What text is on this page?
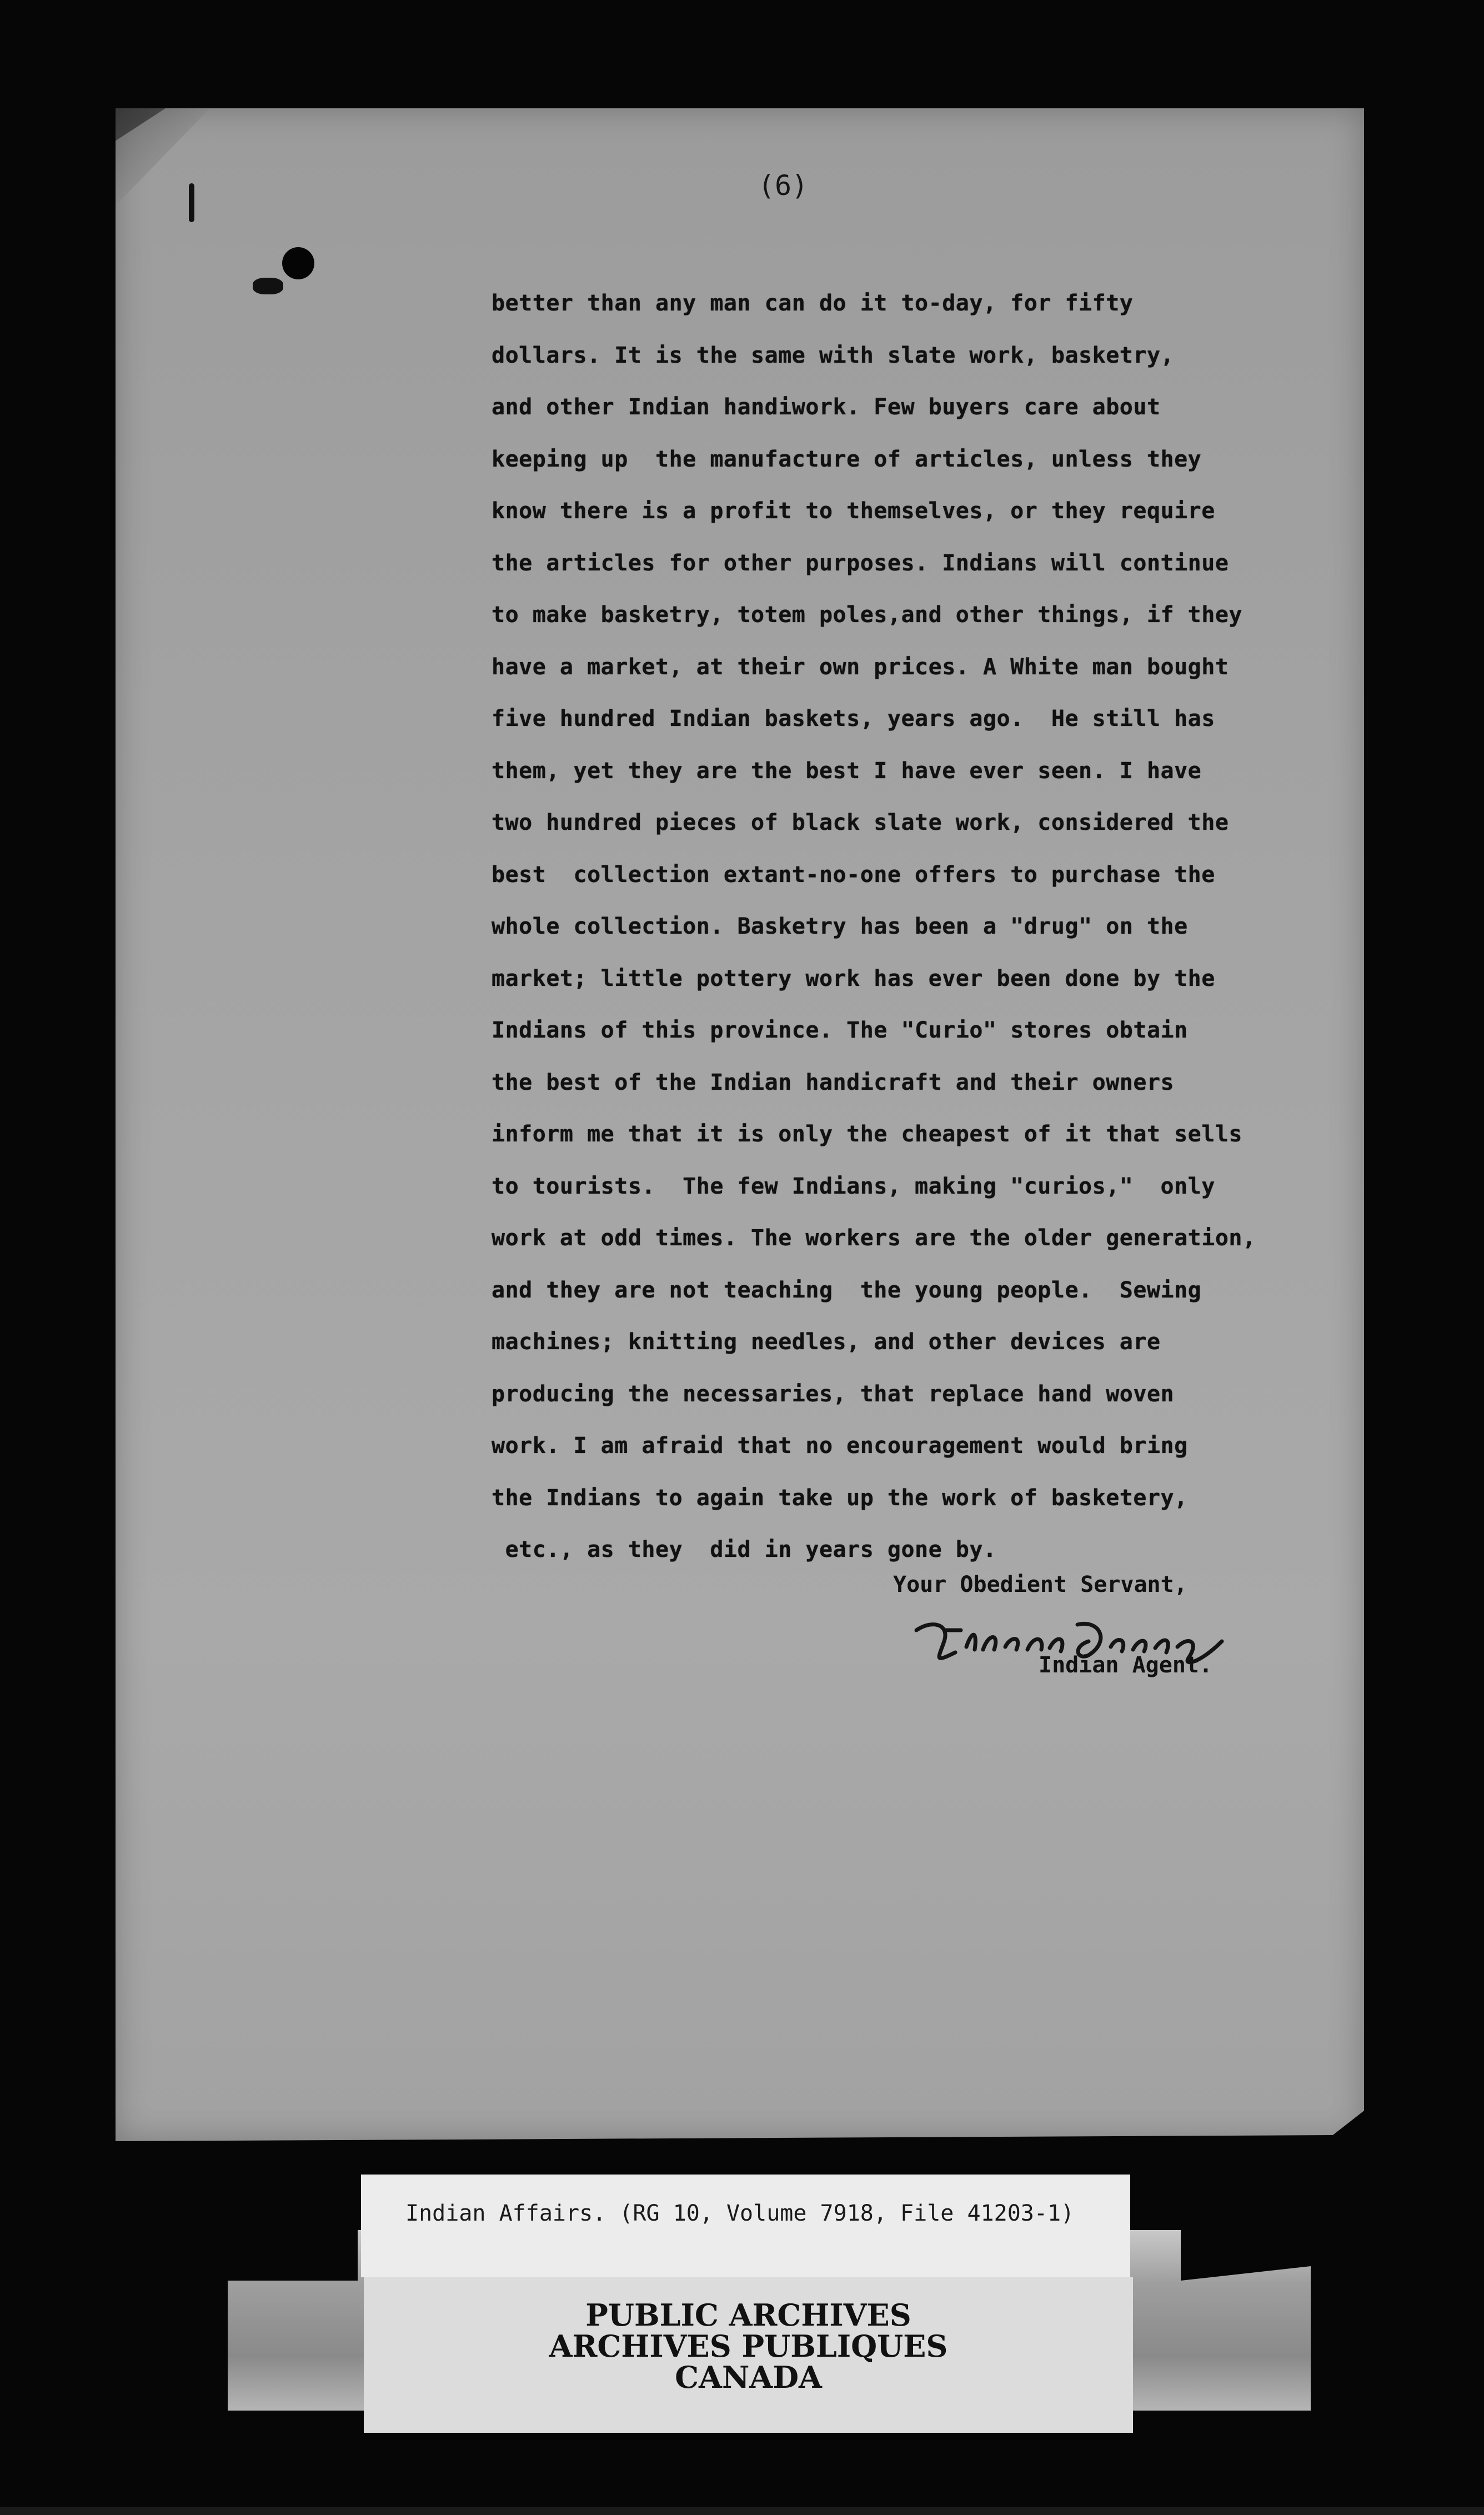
(6)
better than any man can do it to-day, for fifty
dollars. It is the same with slate work, basketry,
and other Indian handiwork. Few buyers care about
keeping up  the manufacture of articles, unless they
know there is a profit to themselves, or they require
the articles for other purposes. Indians will continue
to make basketry, totem poles,and other things, if they
have a market, at their own prices. A White man bought
five hundred Indian baskets, years ago.  He still has
them, yet they are the best I have ever seen. I have
two hundred pieces of black slate work, considered the
best  collection extant-no-one offers to purchase the
whole collection. Basketry has been a "drug" on the
market; little pottery work has ever been done by the
Indians of this province. The "Curio" stores obtain
the best of the Indian handicraft and their owners
inform me that it is only the cheapest of it that sells
to tourists.  The few Indians, making "curios,"  only
work at odd times. The workers are the older generation,
and they are not teaching  the young people.  Sewing
machines; knitting needles, and other devices are
producing the necessaries, that replace hand woven
work. I am afraid that no encouragement would bring
the Indians to again take up the work of basketery,
etc., as they  did in years gone by.
Your Obedient Servant,
Indian Agent.
Indian Affairs. (RG 10, Volume 7918, File 41203-1)
PUBLIC ARCHIVES
ARCHIVES PUBLIQUES
CANADA
